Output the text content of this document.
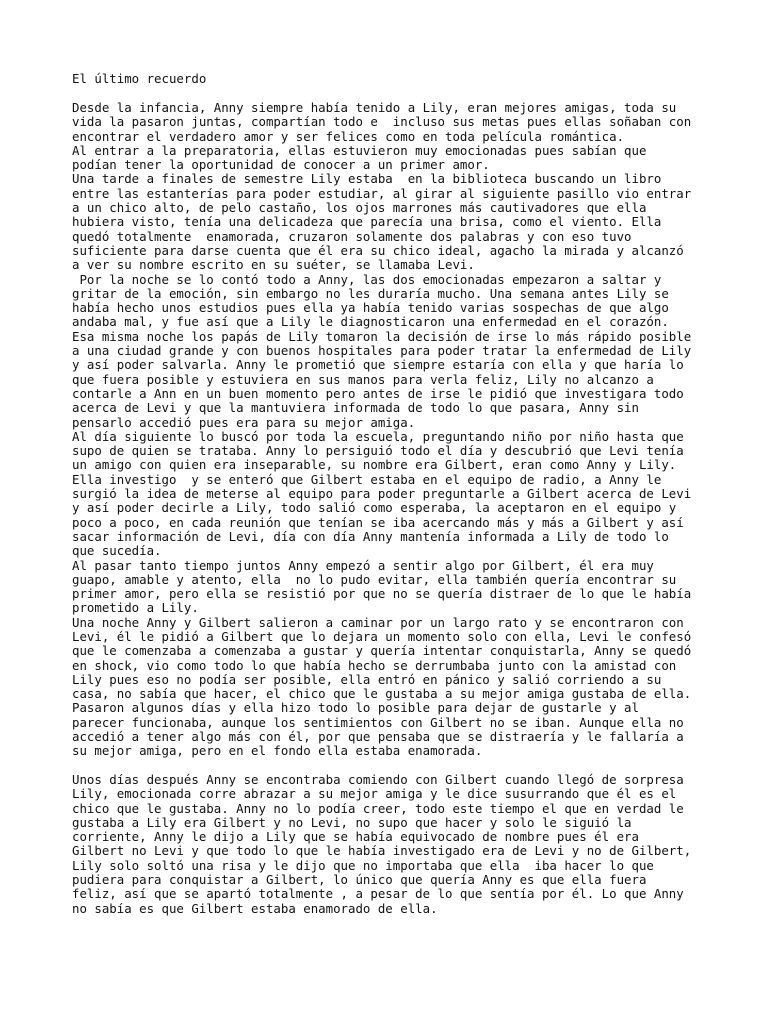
El último recuerdo
Desde la infancia, Anny siempre había tenido a Lily, eran mejores amigas, toda su
vida la pasaron juntas, compartían todo e  incluso sus metas pues ellas soñaban con
encontrar el verdadero amor y ser felices como en toda película romántica.
Al entrar a la preparatoria, ellas estuvieron muy emocionadas pues sabían que
podían tener la oportunidad de conocer a un primer amor.
Una tarde a finales de semestre Lily estaba  en la biblioteca buscando un libro
entre las estanterías para poder estudiar, al girar al siguiente pasillo vio entrar
a un chico alto, de pelo castaño, los ojos marrones más cautivadores que ella
hubiera visto, tenía una delicadeza que parecía una brisa, como el viento. Ella
quedó totalmente  enamorada, cruzaron solamente dos palabras y con eso tuvo
suficiente para darse cuenta que él era su chico ideal, agacho la mirada y alcanzó
a ver su nombre escrito en su suéter, se llamaba Levi.
Por la noche se lo contó todo a Anny, las dos emocionadas empezaron a saltar y
gritar de la emoción, sin embargo no les duraría mucho. Una semana antes Lily se
había hecho unos estudios pues ella ya había tenido varias sospechas de que algo
andaba mal, y fue así que a Lily le diagnosticaron una enfermedad en el corazón.
Esa misma noche los papás de Lily tomaron la decisión de irse lo más rápido posible
a una ciudad grande y con buenos hospitales para poder tratar la enfermedad de Lily
y así poder salvarla. Anny le prometió que siempre estaría con ella y que haría lo
que fuera posible y estuviera en sus manos para verla feliz, Lily no alcanzo a
contarle a Ann en un buen momento pero antes de irse le pidió que investigara todo
acerca de Levi y que la mantuviera informada de todo lo que pasara, Anny sin
pensarlo accedió pues era para su mejor amiga.
Al día siguiente lo buscó por toda la escuela, preguntando niño por niño hasta que
supo de quien se trataba. Anny lo persiguió todo el día y descubrió que Levi tenía
un amigo con quien era inseparable, su nombre era Gilbert, eran como Anny y Lily.
Ella investigo  y se enteró que Gilbert estaba en el equipo de radio, a Anny le
surgió la idea de meterse al equipo para poder preguntarle a Gilbert acerca de Levi
y así poder decirle a Lily, todo salió como esperaba, la aceptaron en el equipo y
poco a poco, en cada reunión que tenían se iba acercando más y más a Gilbert y así
sacar información de Levi, día con día Anny mantenía informada a Lily de todo lo
que sucedía.
Al pasar tanto tiempo juntos Anny empezó a sentir algo por Gilbert, él era muy
guapo, amable y atento, ella  no lo pudo evitar, ella también quería encontrar su
primer amor, pero ella se resistió por que no se quería distraer de lo que le había
prometido a Lily.
Una noche Anny y Gilbert salieron a caminar por un largo rato y se encontraron con
Levi, él le pidió a Gilbert que lo dejara un momento solo con ella, Levi le confesó
que le comenzaba a comenzaba a gustar y quería intentar conquistarla, Anny se quedó
en shock, vio como todo lo que había hecho se derrumbaba junto con la amistad con
Lily pues eso no podía ser posible, ella entró en pánico y salió corriendo a su
casa, no sabía que hacer, el chico que le gustaba a su mejor amiga gustaba de ella.
Pasaron algunos días y ella hizo todo lo posible para dejar de gustarle y al
parecer funcionaba, aunque los sentimientos con Gilbert no se iban. Aunque ella no
accedió a tener algo más con él, por que pensaba que se distraería y le fallaría a
su mejor amiga, pero en el fondo ella estaba enamorada.
Unos días después Anny se encontraba comiendo con Gilbert cuando llegó de sorpresa
Lily, emocionada corre abrazar a su mejor amiga y le dice susurrando que él es el
chico que le gustaba. Anny no lo podía creer, todo este tiempo el que en verdad le
gustaba a Lily era Gilbert y no Levi, no supo que hacer y solo le siguió la
corriente, Anny le dijo a Lily que se había equivocado de nombre pues él era
Gilbert no Levi y que todo lo que le había investigado era de Levi y no de Gilbert,
Lily solo soltó una risa y le dijo que no importaba que ella  iba hacer lo que
pudiera para conquistar a Gilbert, lo único que quería Anny es que ella fuera
feliz, así que se apartó totalmente , a pesar de lo que sentía por él. Lo que Anny
no sabía es que Gilbert estaba enamorado de ella.
